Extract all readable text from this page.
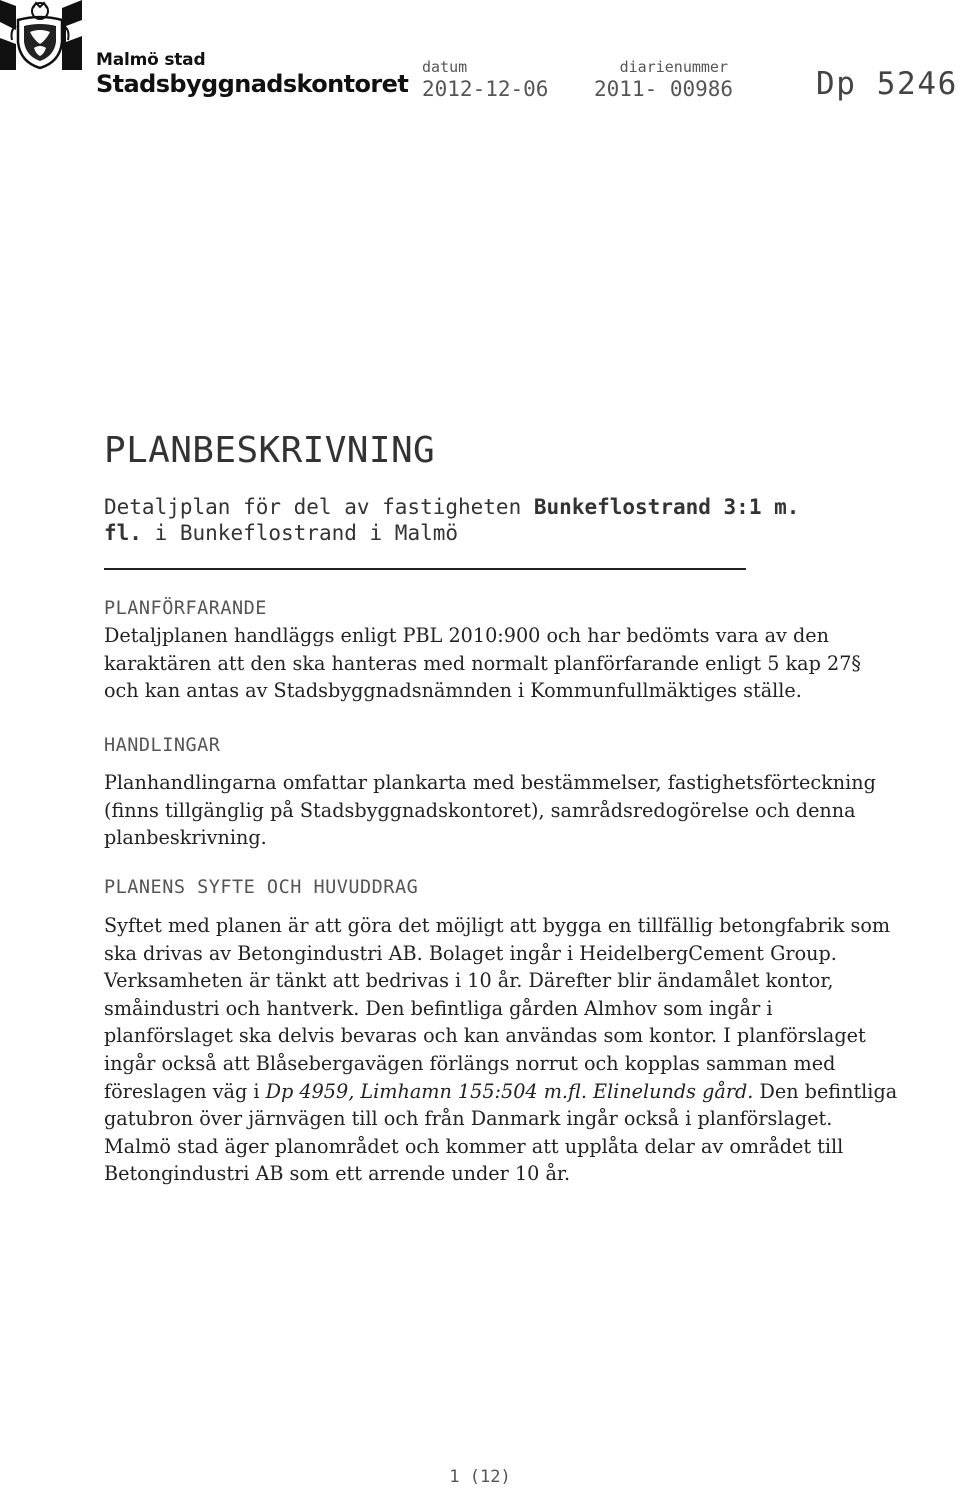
Malmö stad
Stadsbyggnadskontoret
datum
2012-12-06
diarienummer
2011- 00986	Dp 5246
PLANBESKRIVNING
Detaljplan för del av fastigheten Bunkeflostrand 3:1 m. fl. i Bunkeflostrand i Malmö
PLANFÖRFARANDE
Detaljplanen handläggs enligt PBL 2010:900 och har bedömts vara av den
karaktären att den ska hanteras med normalt planförfarande enligt 5 kap 27§
och kan antas av Stadsbyggnadsnämnden i Kommunfullmäktiges ställe.
HANDLINGAR
Planhandlingarna omfattar plankarta med bestämmelser, fastighetsförteckning
(finns tillgänglig på Stadsbyggnadskontoret), samrådsredogörelse och denna
planbeskrivning.
PLANENS SYFTE OCH HUVUDDRAG
Syftet med planen är att göra det möjligt att bygga en tillfällig betongfabrik som
ska drivas av Betongindustri AB. Bolaget ingår i HeidelbergCement Group.
Verksamheten är tänkt att bedrivas i 10 år. Därefter blir ändamålet kontor,
småindustri och hantverk. Den befintliga gården Almhov som ingår i
planförslaget ska delvis bevaras och kan användas som kontor. I planförslaget
ingår också att Blåsebergavägen förlängs norrut och kopplas samman med
föreslagen väg i Dp 4959, Limhamn 155:504 m.fl. Elinelunds gård. Den befintliga
gatubron över järnvägen till och från Danmark ingår också i planförslaget.
Malmö stad äger planområdet och kommer att upplåta delar av området till
Betongindustri AB som ett arrende under 10 år.
1 (12)
